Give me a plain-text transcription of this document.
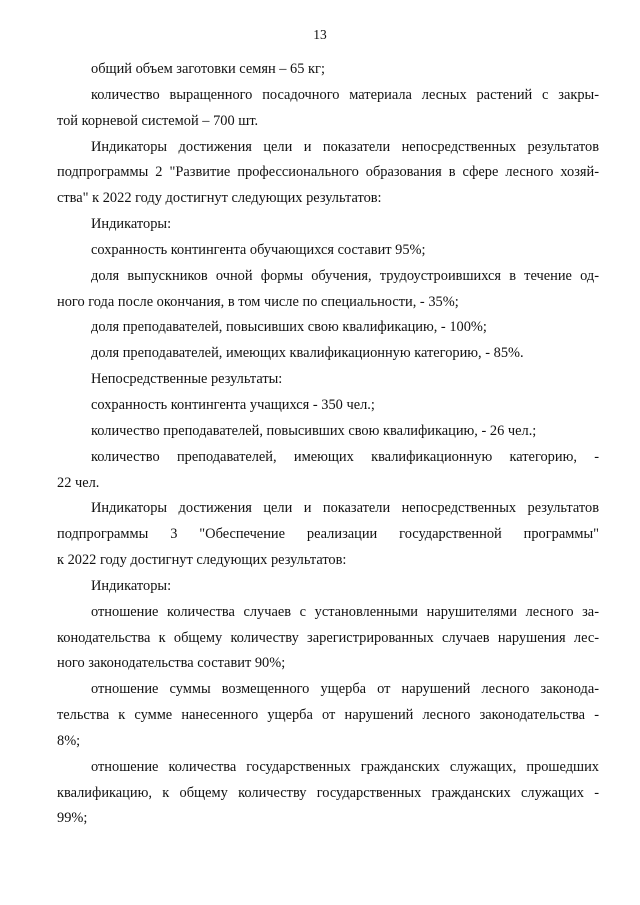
13
общий объем заготовки семян – 65 кг;
количество выращенного посадочного материала лесных растений с закры-
той корневой системой – 700 шт.
Индикаторы достижения цели и показатели непосредственных результатов
подпрограммы 2 "Развитие профессионального образования в сфере лесного хозяй-
ства" к 2022 году достигнут следующих результатов:
Индикаторы:
сохранность контингента обучающихся составит 95%;
доля выпускников очной формы обучения, трудоустроившихся в течение од-
ного года после окончания, в том числе по специальности, - 35%;
доля преподавателей, повысивших свою квалификацию, - 100%;
доля преподавателей, имеющих квалификационную категорию, - 85%.
Непосредственные результаты:
сохранность контингента учащихся - 350 чел.;
количество преподавателей, повысивших свою квалификацию, - 26 чел.;
количество преподавателей, имеющих квалификационную категорию, -
22 чел.
Индикаторы достижения цели и показатели непосредственных результатов
подпрограммы 3 "Обеспечение реализации государственной программы"
к 2022 году достигнут следующих результатов:
Индикаторы:
отношение количества случаев с установленными нарушителями лесного за-
конодательства к общему количеству зарегистрированных случаев нарушения лес-
ного законодательства составит 90%;
отношение суммы возмещенного ущерба от нарушений лесного законода-
тельства к сумме нанесенного ущерба от нарушений лесного законодательства -
8%;
отношение количества государственных гражданских служащих, прошедших
квалификацию, к общему количеству государственных гражданских служащих -
99%;
